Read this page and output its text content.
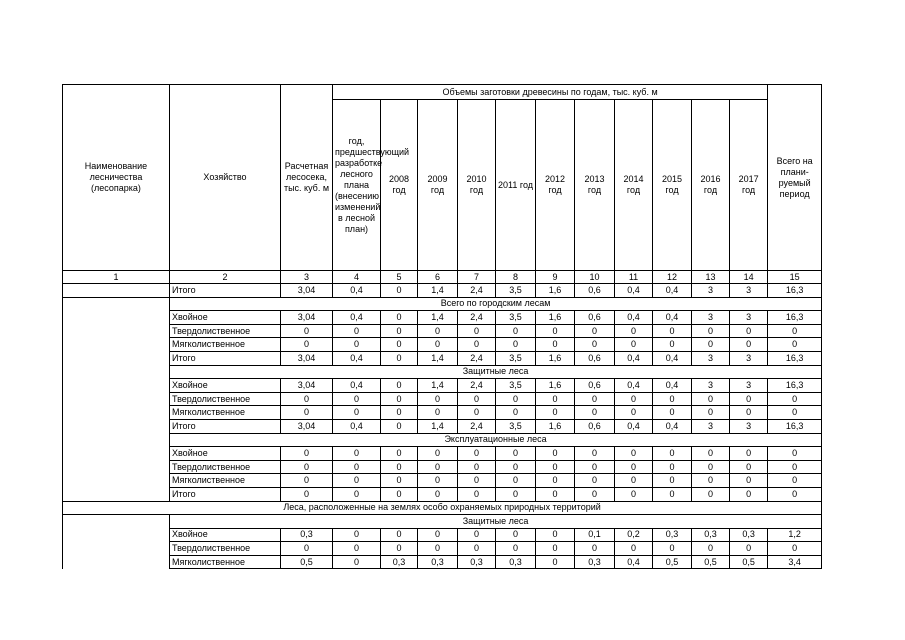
Наименование лесничества (лесопарка)	Хозяйство	Расчетная лесосека, тыс. куб. м	Объемы заготовки древесины по годам, тыс. куб. м											Всего на плани-руемый период
			год, предшествующий разработке лесного плана (внесению изменений в лесной план)	2008 год	2009 год	2010 год	2011 год	2012 год	2013 год	2014 год	2015 год	2016 год	2017 год	
1	2	3	4	5	6	7	8	9	10	11	12	13	14	15
	Итого	3,04	0,4	0	1,4	2,4	3,5	1,6	0,6	0,4	0,4	3	3	16,3
	Всего по городским лесам													
	Хвойное	3,04	0,4	0	1,4	2,4	3,5	1,6	0,6	0,4	0,4	3	3	16,3
	Твердолиственное	0	0	0	0	0	0	0	0	0	0	0	0	0
	Мягколиственное	0	0	0	0	0	0	0	0	0	0	0	0	0
	Итого	3,04	0,4	0	1,4	2,4	3,5	1,6	0,6	0,4	0,4	3	3	16,3
	Защитные леса													
	Хвойное	3,04	0,4	0	1,4	2,4	3,5	1,6	0,6	0,4	0,4	3	3	16,3
	Твердолиственное	0	0	0	0	0	0	0	0	0	0	0	0	0
	Мягколиственное	0	0	0	0	0	0	0	0	0	0	0	0	0
	Итого	3,04	0,4	0	1,4	2,4	3,5	1,6	0,6	0,4	0,4	3	3	16,3
	Эксплуатационные леса													
	Хвойное	0	0	0	0	0	0	0	0	0	0	0	0	0
	Твердолиственное	0	0	0	0	0	0	0	0	0	0	0	0	0
	Мягколиственное	0	0	0	0	0	0	0	0	0	0	0	0	0
	Итого	0	0	0	0	0	0	0	0	0	0	0	0	0
Леса, расположенные на землях особо охраняемых природных территорий														
	Защитные леса													
	Хвойное	0,3	0	0	0	0	0	0	0,1	0,2	0,3	0,3	0,3	1,2
	Твердолиственное	0	0	0	0	0	0	0	0	0	0	0	0	0
	Мягколиственное	0,5	0	0,3	0,3	0,3	0,3	0	0,3	0,4	0,5	0,5	0,5	3,4
